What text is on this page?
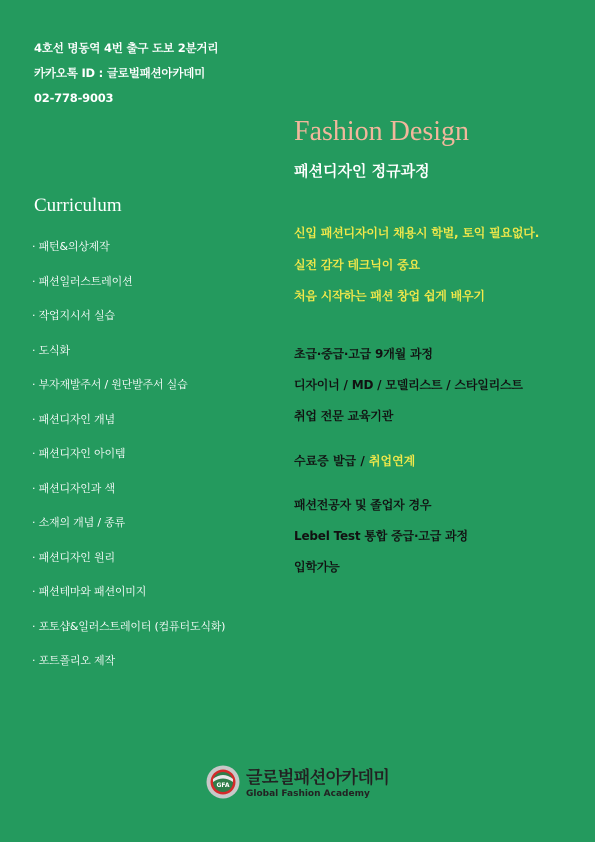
4호선 명동역 4번 출구 도보 2분거리
카카오톡 ID : 글로벌패션아카데미
02-778-9003
Fashion Design
패션디자인 정규과정
Curriculum
· 패턴&의상제작
· 패션일러스트레이션
· 작업지시서 실습
· 도식화
· 부자재발주서 / 원단발주서 실습
· 패션디자인 개념
· 패션디자인 아이템
· 패션디자인과 색
· 소재의 개념 / 종류
· 패션디자인 원리
· 패션테마와 패션이미지
· 포토샵&일러스트레이터 (컴퓨터도식화)
· 포트폴리오 제작
신입 패션디자이너 채용시 학벌, 토익 필요없다.
실전 감각 테크닉이 중요
처음 시작하는 패션 창업 쉽게 배우기
초급·중급·고급 9개월 과정
디자이너 / MD / 모델리스트 / 스타일리스트
취업 전문 교육기관
수료증 발급 / 취업연계
패션전공자 및 졸업자 경우
Lebel Test 통합 중급·고급 과정
입학가능
GFA 글로벌패션아카데미
Global Fashion Academy
